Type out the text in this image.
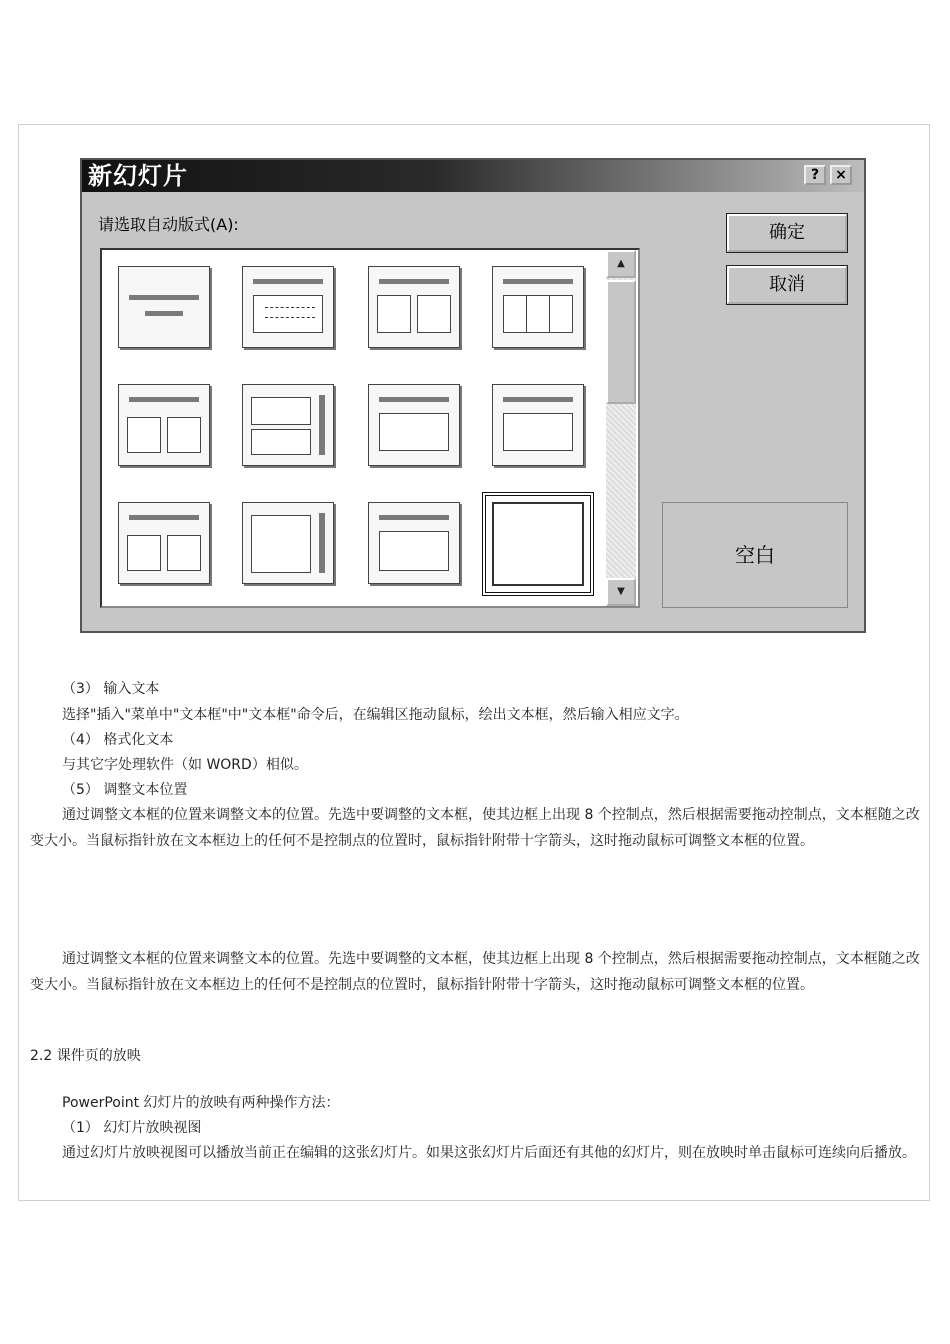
新幻灯片	?	×
请选取自动版式(A):
▲
▼
确定
取消
空白
（3） 输入文本
选择"插入"菜单中"文本框"中"文本框"命令后，在编辑区拖动鼠标，绘出文本框，然后输入相应文字。
（4） 格式化文本
与其它字处理软件（如 WORD）相似。
（5） 调整文本位置
通过调整文本框的位置来调整文本的位置。先选中要调整的文本框，使其边框上出现 8 个控制点，然后根据需要拖动控制点，文本框随之改变大小。当鼠标指针放在文本框边上的任何不是控制点的位置时，鼠标指针附带十字箭头，这时拖动鼠标可调整文本框的位置。
通过调整文本框的位置来调整文本的位置。先选中要调整的文本框，使其边框上出现 8 个控制点，然后根据需要拖动控制点，文本框随之改变大小。当鼠标指针放在文本框边上的任何不是控制点的位置时，鼠标指针附带十字箭头，这时拖动鼠标可调整文本框的位置。
2.2 课件页的放映
PowerPoint 幻灯片的放映有两种操作方法：
（1） 幻灯片放映视图
通过幻灯片放映视图可以播放当前正在编辑的这张幻灯片。如果这张幻灯片后面还有其他的幻灯片，则在放映时单击鼠标可连续向后播放。
